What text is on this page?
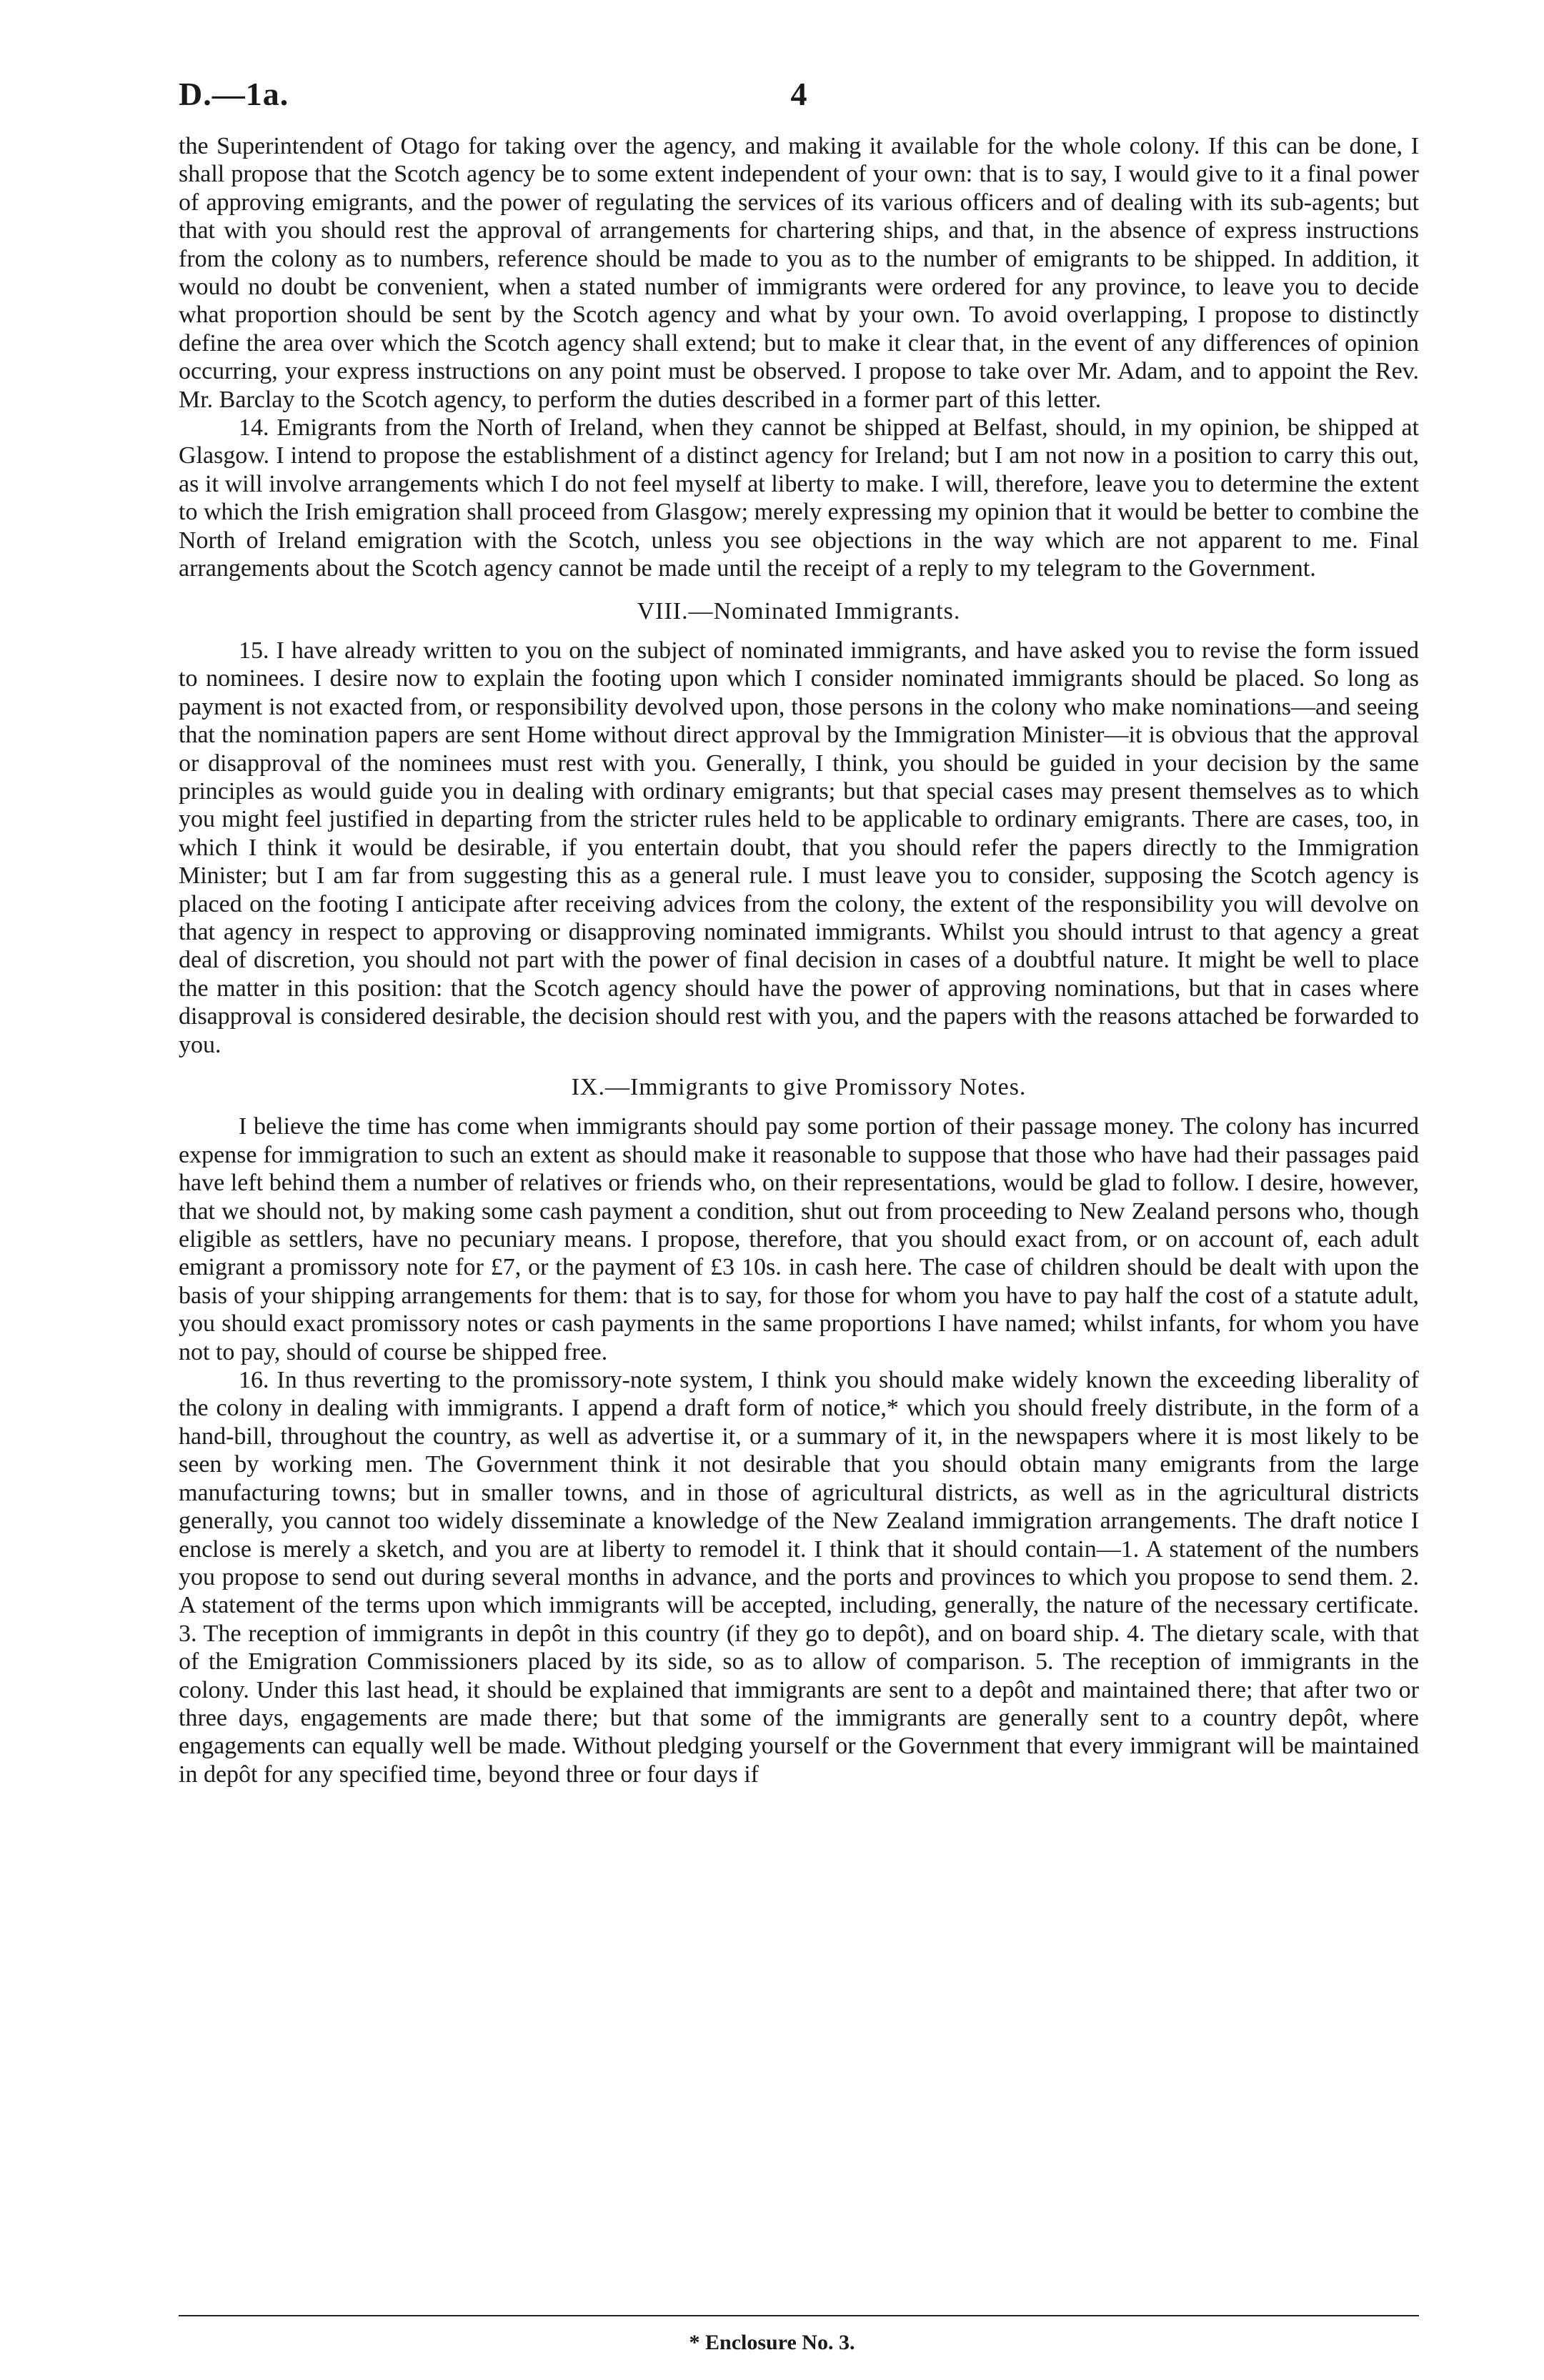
D.—1a.	4

the Superintendent of Otago for taking over the agency, and making it available for the whole colony. If this can be done, I shall propose that the Scotch agency be to some extent independent of your own: that is to say, I would give to it a final power of approving emigrants, and the power of regulating the services of its various officers and of dealing with its sub-agents; but that with you should rest the approval of arrangements for chartering ships, and that, in the absence of express instructions from the colony as to numbers, reference should be made to you as to the number of emigrants to be shipped. In addition, it would no doubt be convenient, when a stated number of immigrants were ordered for any province, to leave you to decide what proportion should be sent by the Scotch agency and what by your own. To avoid overlapping, I propose to distinctly define the area over which the Scotch agency shall extend; but to make it clear that, in the event of any differences of opinion occurring, your express instructions on any point must be observed. I propose to take over Mr. Adam, and to appoint the Rev. Mr. Barclay to the Scotch agency, to perform the duties described in a former part of this letter.

14. Emigrants from the North of Ireland, when they cannot be shipped at Belfast, should, in my opinion, be shipped at Glasgow. I intend to propose the establishment of a distinct agency for Ireland; but I am not now in a position to carry this out, as it will involve arrangements which I do not feel myself at liberty to make. I will, therefore, leave you to determine the extent to which the Irish emigration shall proceed from Glasgow; merely expressing my opinion that it would be better to combine the North of Ireland emigration with the Scotch, unless you see objections in the way which are not apparent to me. Final arrangements about the Scotch agency cannot be made until the receipt of a reply to my telegram to the Government.

VIII.—Nominated Immigrants.

15. I have already written to you on the subject of nominated immigrants, and have asked you to revise the form issued to nominees. I desire now to explain the footing upon which I consider nominated immigrants should be placed. So long as payment is not exacted from, or responsibility devolved upon, those persons in the colony who make nominations—and seeing that the nomination papers are sent Home without direct approval by the Immigration Minister—it is obvious that the approval or disapproval of the nominees must rest with you. Generally, I think, you should be guided in your decision by the same principles as would guide you in dealing with ordinary emigrants; but that special cases may present themselves as to which you might feel justified in departing from the stricter rules held to be applicable to ordinary emigrants. There are cases, too, in which I think it would be desirable, if you entertain doubt, that you should refer the papers directly to the Immigration Minister; but I am far from suggesting this as a general rule. I must leave you to consider, supposing the Scotch agency is placed on the footing I anticipate after receiving advices from the colony, the extent of the responsibility you will devolve on that agency in respect to approving or disapproving nominated immigrants. Whilst you should intrust to that agency a great deal of discretion, you should not part with the power of final decision in cases of a doubtful nature. It might be well to place the matter in this position: that the Scotch agency should have the power of approving nominations, but that in cases where disapproval is considered desirable, the decision should rest with you, and the papers with the reasons attached be forwarded to you.

IX.—Immigrants to give Promissory Notes.

I believe the time has come when immigrants should pay some portion of their passage money. The colony has incurred expense for immigration to such an extent as should make it reasonable to suppose that those who have had their passages paid have left behind them a number of relatives or friends who, on their representations, would be glad to follow. I desire, however, that we should not, by making some cash payment a condition, shut out from proceeding to New Zealand persons who, though eligible as settlers, have no pecuniary means. I propose, therefore, that you should exact from, or on account of, each adult emigrant a promissory note for £7, or the payment of £3 10s. in cash here. The case of children should be dealt with upon the basis of your shipping arrangements for them: that is to say, for those for whom you have to pay half the cost of a statute adult, you should exact promissory notes or cash payments in the same proportions I have named; whilst infants, for whom you have not to pay, should of course be shipped free.

16. In thus reverting to the promissory-note system, I think you should make widely known the exceeding liberality of the colony in dealing with immigrants. I append a draft form of notice,* which you should freely distribute, in the form of a hand-bill, throughout the country, as well as advertise it, or a summary of it, in the newspapers where it is most likely to be seen by working men. The Government think it not desirable that you should obtain many emigrants from the large manufacturing towns; but in smaller towns, and in those of agricultural districts, as well as in the agricultural districts generally, you cannot too widely disseminate a knowledge of the New Zealand immigration arrangements. The draft notice I enclose is merely a sketch, and you are at liberty to remodel it. I think that it should contain—1. A statement of the numbers you propose to send out during several months in advance, and the ports and provinces to which you propose to send them. 2. A statement of the terms upon which immigrants will be accepted, including, generally, the nature of the necessary certificate. 3. The reception of immigrants in depôt in this country (if they go to depôt), and on board ship. 4. The dietary scale, with that of the Emigration Commissioners placed by its side, so as to allow of comparison. 5. The reception of immigrants in the colony. Under this last head, it should be explained that immigrants are sent to a depôt and maintained there; that after two or three days, engagements are made there; but that some of the immigrants are generally sent to a country depôt, where engagements can equally well be made. Without pledging yourself or the Government that every immigrant will be maintained in depôt for any specified time, beyond three or four days if

* Enclosure No. 3.
